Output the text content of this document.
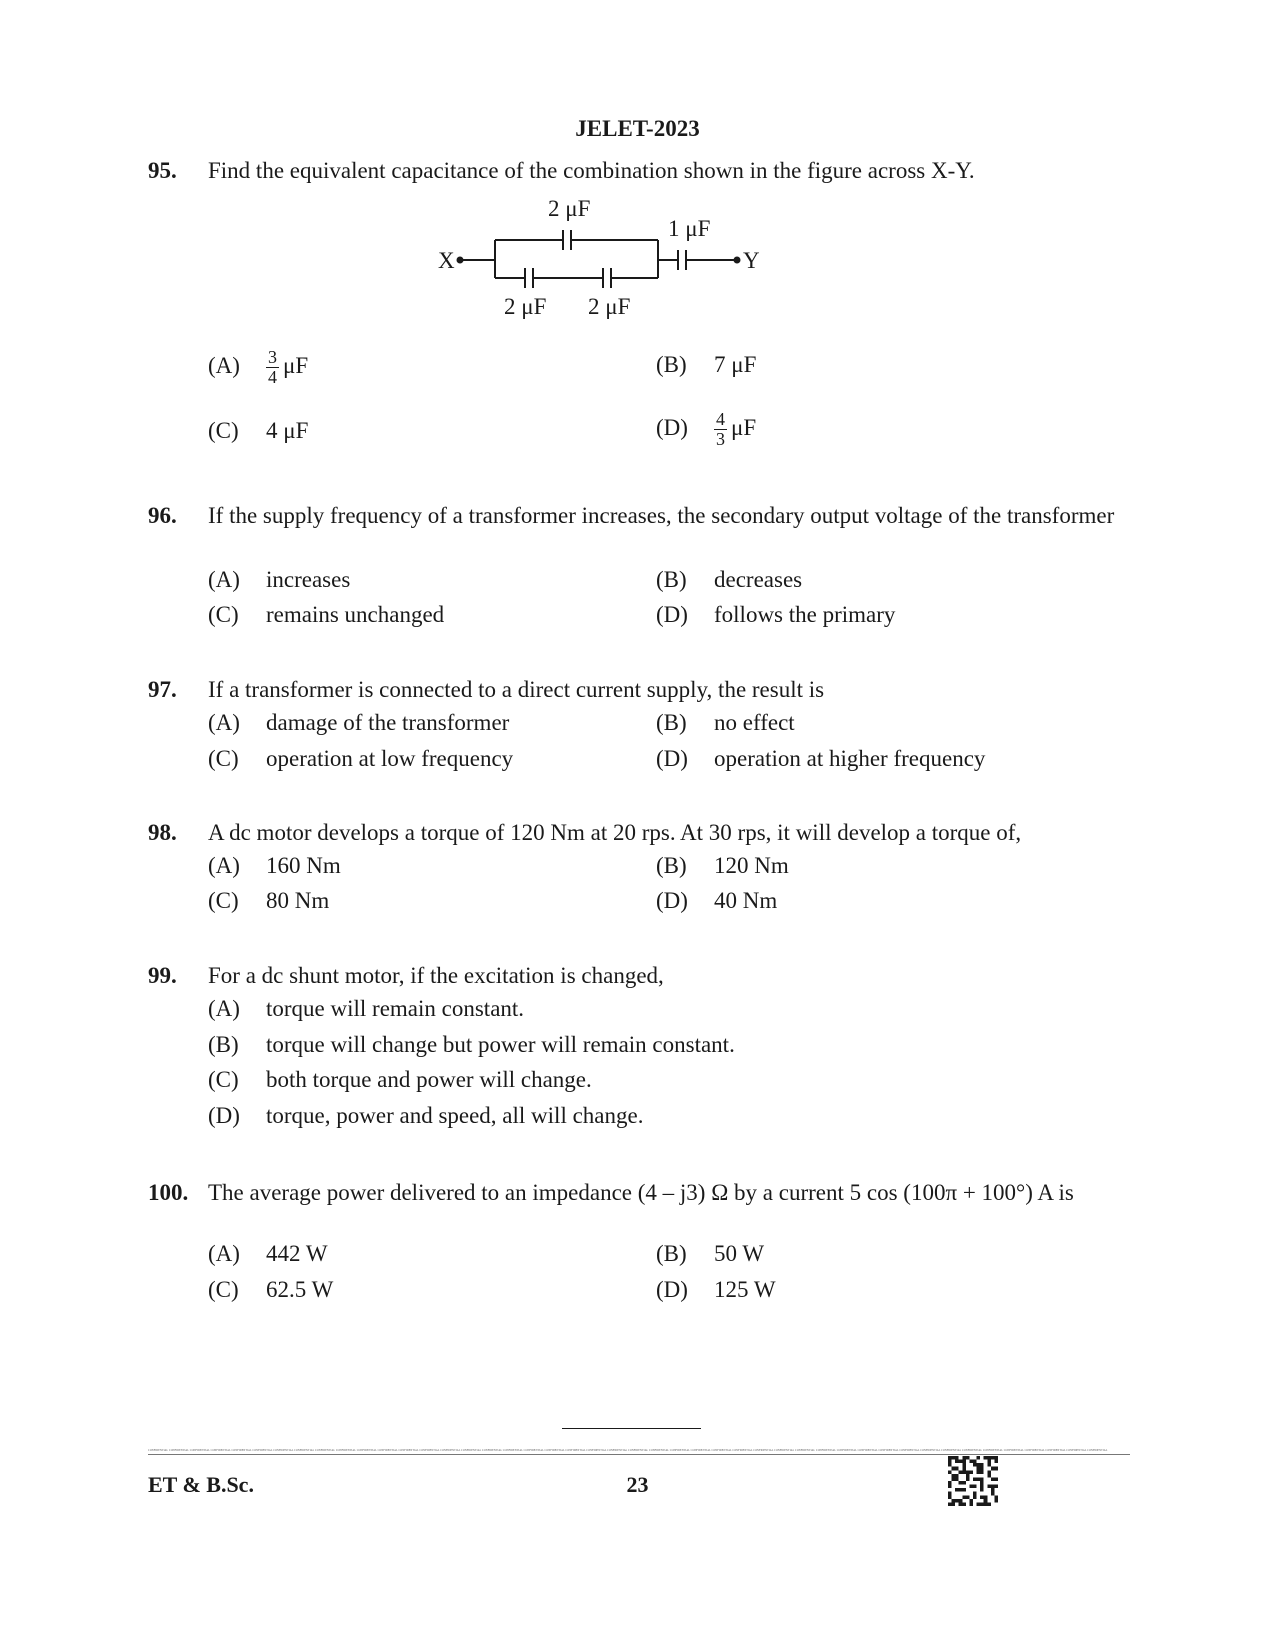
JELET-2023
95. Find the equivalent capacitance of the combination shown in the figure across X-Y.
X	Y
2 μF
1 μF
2 μF 2 μF
$(A) \frac{3}{4}$ μF	(B) 7 μF
(C) 4 μF	$(D) \frac{4}{3}$ μF
96. If the supply frequency of a transformer increases, the secondary output voltage of the transformer
(A) increases	(B) decreases
(C) remains unchanged	(D) follows the primary
97. If a transformer is connected to a direct current supply, the result is
(A) damage of the transformer	(B) no effect
(C) operation at low frequency	(D) operation at higher frequency
98. A dc motor develops a torque of 120 Nm at 20 rps. At 30 rps, it will develop a torque of,
(A) 160 Nm	(B) 120 Nm
(C) 80 Nm	(D) 40 Nm
99. For a dc shunt motor, if the excitation is changed,
(A) torque will remain constant.
(B) torque will change but power will remain constant.
(C) both torque and power will change.
(D) torque, power and speed, all will change.
100. The average power delivered to an impedance (4 – j3) Ω by a current 5 cos (100π + 100°) A is
(A) 442 W	(B) 50 W
(C) 62.5 W	(D) 125 W
CONFIDENTIAL CONFIDENTIAL CONFIDENTIAL CONFIDENTIAL CONFIDENTIAL CONFIDENTIAL CONFIDENTIAL CONFIDENTIAL CONFIDENTIAL CONFIDENTIAL CONFIDENTIAL CONFIDENTIAL CONFIDENTIAL CONFIDENTIAL CONFIDENTIAL CONFIDENTIAL CONFIDENTIAL CONFIDENTIAL CONFIDENTIAL CONFIDENTIAL CONFIDENTIAL CONFIDENTIAL CONFIDENTIAL CONFIDENTIAL CONFIDENTIAL CONFIDENTIAL CONFIDENTIAL CONFIDENTIAL CONFIDENTIAL CONFIDENTIAL CONFIDENTIAL CONFIDENTIAL CONFIDENTIAL CONFIDENTIAL CONFIDENTIAL CONFIDENTIAL CONFIDENTIAL CONFIDENTIAL CONFIDENTIAL CONFIDENTIAL CONFIDENTIAL CONFIDENTIAL CONFIDENTIAL CONFIDENTIAL CONFIDENTIAL CONFIDENTIAL
ET & B.Sc.	23
